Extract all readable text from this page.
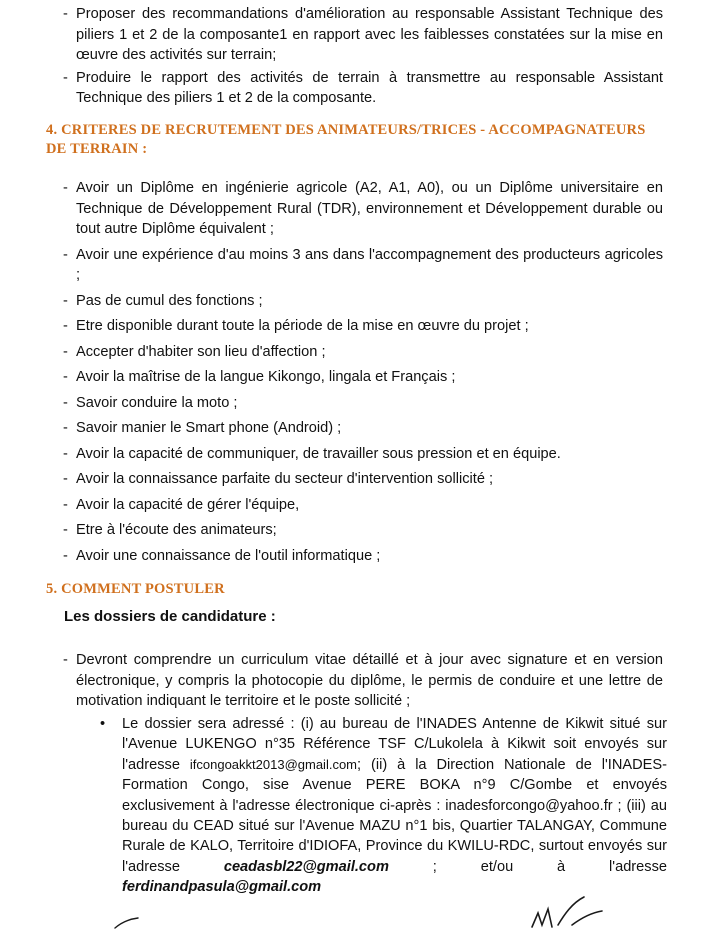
- Proposer des recommandations d'amélioration au responsable Assistant Technique des piliers 1 et 2 de la composante1 en rapport avec les faiblesses constatées sur la mise en œuvre des activités sur terrain;
- Produire le rapport des activités de terrain à transmettre au responsable Assistant Technique des piliers 1 et 2 de la composante.
4. CRITERES DE RECRUTEMENT DES ANIMATEURS/TRICES - ACCOMPAGNATEURS DE TERRAIN :
- Avoir un Diplôme en ingénierie agricole (A2, A1, A0), ou un Diplôme universitaire en Technique de Développement Rural (TDR), environnement et Développement durable ou tout autre Diplôme équivalent ;
- Avoir une expérience d'au moins 3 ans dans l'accompagnement des producteurs agricoles ;
- Pas de cumul des fonctions ;
- Etre disponible durant toute la période de la mise en œuvre du projet ;
- Accepter d'habiter son lieu d'affection ;
- Avoir la maîtrise de la langue Kikongo, lingala et Français ;
- Savoir conduire la moto ;
- Savoir manier le Smart phone (Android) ;
- Avoir la capacité de communiquer, de travailler sous pression et en équipe.
- Avoir la connaissance parfaite du secteur d'intervention sollicité ;
- Avoir la capacité de gérer l'équipe,
- Etre à l'écoute des animateurs;
- Avoir une connaissance de l'outil informatique ;
5. COMMENT POSTULER
Les dossiers de candidature :
- Devront comprendre un curriculum vitae détaillé et à jour avec signature et en version électronique, y compris la photocopie du diplôme, le permis de conduire et une lettre de motivation indiquant le territoire et le poste sollicité ;
• Le dossier sera adressé : (i) au bureau de l'INADES Antenne de Kikwit situé sur l'Avenue LUKENGO n°35 Référence TSF C/Lukolela à Kikwit soit envoyés sur l'adresse ifcongoakkt2013@gmail.com; (ii) à la Direction Nationale de l'INADES-Formation Congo, sise Avenue PERE BOKA n°9 C/Gombe et envoyés exclusivement à l'adresse électronique ci-après : inadesforcongo@yahoo.fr ; (iii) au bureau du CEAD situé sur l'Avenue MAZU n°1 bis, Quartier TALANGAY, Commune Rurale de KALO, Territoire d'IDIOFA, Province du KWILU-RDC, surtout envoyés sur l'adresse ceadasbl22@gmail.com ; et/ou à l'adresse ferdinandpasula@gmail.com
